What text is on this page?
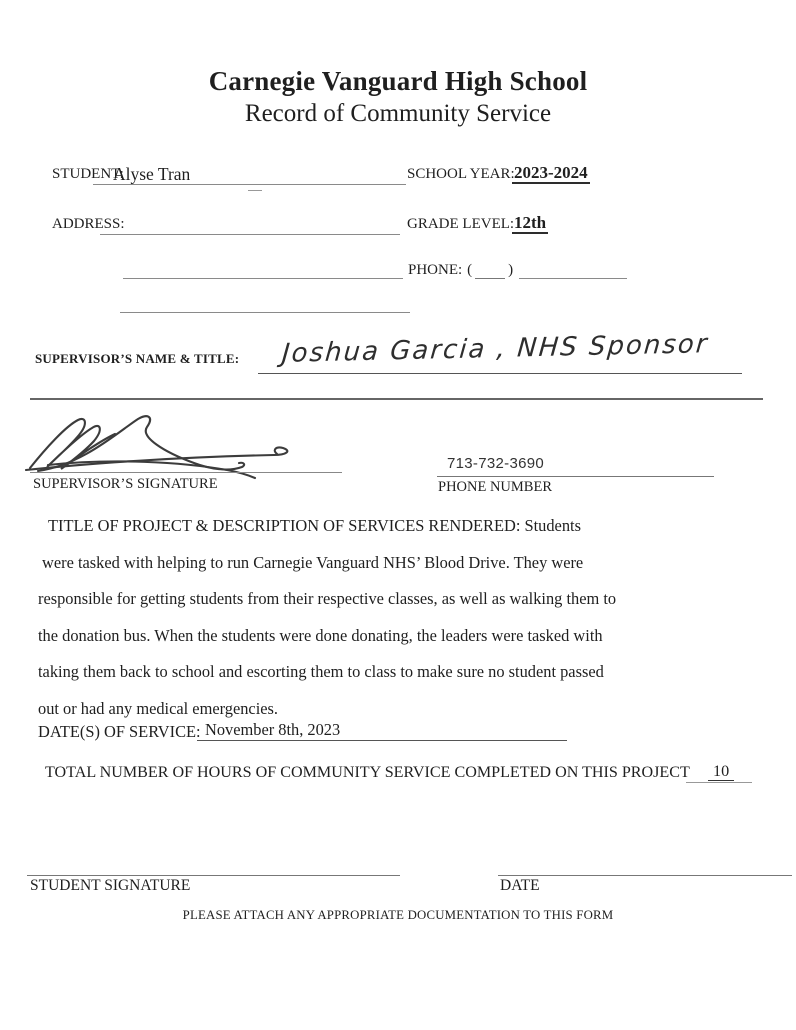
Carnegie Vanguard High School
Record of Community Service
STUDENT:
Alyse Tran	SCHOOL YEAR: 2023-2024
ADDRESS:	GRADE LEVEL: 12th
PHONE: ( )
SUPERVISOR’S NAME & TITLE: Joshua Garcia , NHS Sponsor
SUPERVISOR’S SIGNATURE
713-732-3690
PHONE NUMBER
TITLE OF PROJECT & DESCRIPTION OF SERVICES RENDERED: Students
were tasked with helping to run Carnegie Vanguard NHS’ Blood Drive. They were
responsible for getting students from their respective classes, as well as walking them to
the donation bus. When the students were done donating, the leaders were tasked with
taking them back to school and escorting them to class to make sure no student passed
out or had any medical emergencies.
DATE(S) OF SERVICE: November 8th, 2023
TOTAL NUMBER OF HOURS OF COMMUNITY SERVICE COMPLETED ON THIS PROJECT	10
STUDENT SIGNATURE	DATE
PLEASE ATTACH ANY APPROPRIATE DOCUMENTATION TO THIS FORM
